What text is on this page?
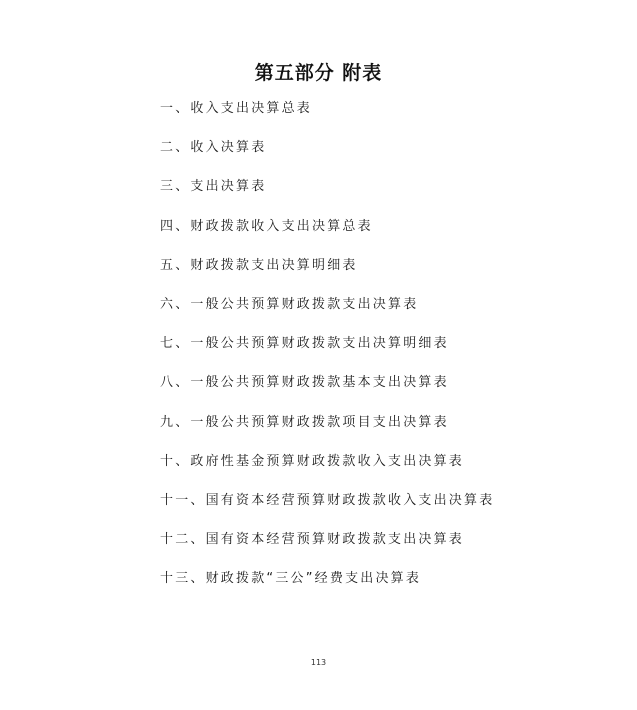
第五部分 附表
一、收入支出决算总表
二、收入决算表
三、支出决算表
四、财政拨款收入支出决算总表
五、财政拨款支出决算明细表
六、一般公共预算财政拨款支出决算表
七、一般公共预算财政拨款支出决算明细表
八、一般公共预算财政拨款基本支出决算表
九、一般公共预算财政拨款项目支出决算表
十、政府性基金预算财政拨款收入支出决算表
十一、国有资本经营预算财政拨款收入支出决算表
十二、国有资本经营预算财政拨款支出决算表
十三、财政拨款“三公”经费支出决算表
113
